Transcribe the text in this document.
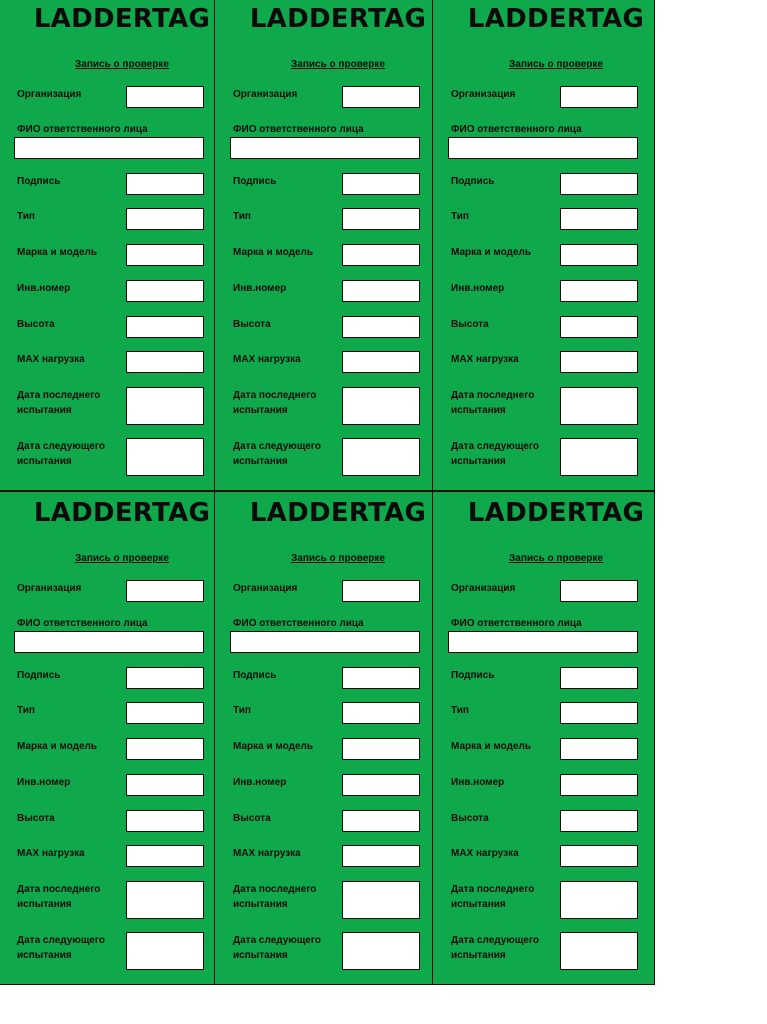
LADDERTAG
Запись о проверке
Организация
ФИО ответственного лица
Подпись
Тип
Марка и модель
Инв.номер
Высота
MAX нагрузка
Дата последнего испытания
Дата следующего испытания
LADDERTAG
Запись о проверке
Организация
ФИО ответственного лица
Подпись
Тип
Марка и модель
Инв.номер
Высота
MAX нагрузка
Дата последнего испытания
Дата следующего испытания
LADDERTAG
Запись о проверке
Организация
ФИО ответственного лица
Подпись
Тип
Марка и модель
Инв.номер
Высота
MAX нагрузка
Дата последнего испытания
Дата следующего испытания
LADDERTAG
Запись о проверке
Организация
ФИО ответственного лица
Подпись
Тип
Марка и модель
Инв.номер
Высота
MAX нагрузка
Дата последнего испытания
Дата следующего испытания
LADDERTAG
Запись о проверке
Организация
ФИО ответственного лица
Подпись
Тип
Марка и модель
Инв.номер
Высота
MAX нагрузка
Дата последнего испытания
Дата следующего испытания
LADDERTAG
Запись о проверке
Организация
ФИО ответственного лица
Подпись
Тип
Марка и модель
Инв.номер
Высота
MAX нагрузка
Дата последнего испытания
Дата следующего испытания
